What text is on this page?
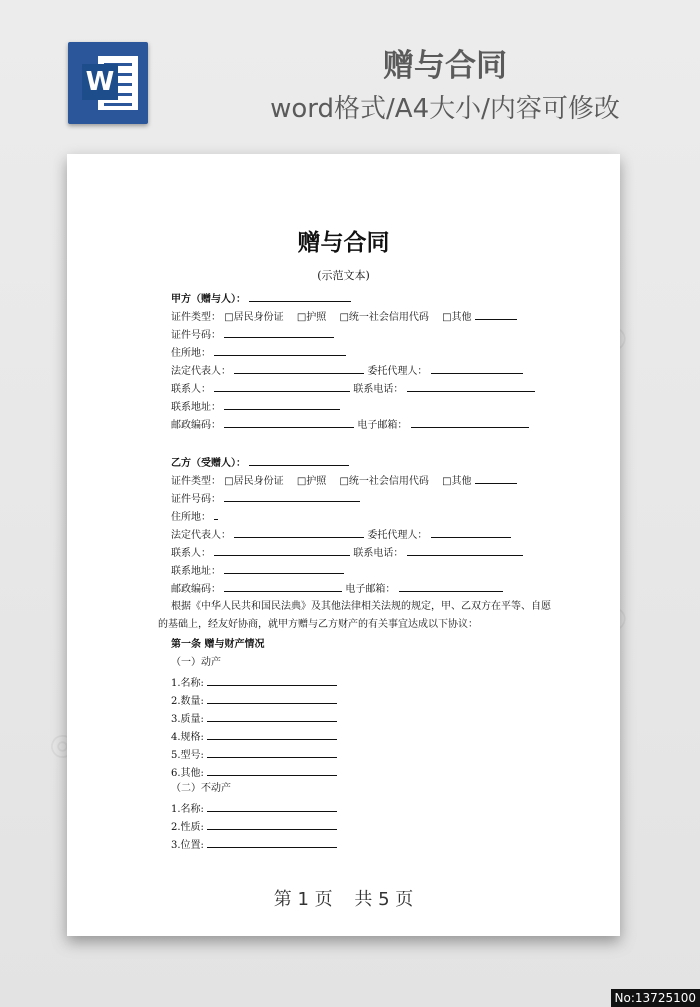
W	赠与合同
word格式/A4大小/内容可修改
◎
赠与合同
(示范文本)
甲方（赠与人）：
证件类型： □居民身份证 □护照 □统一社会信用代码 □其他
证件号码：
住所地：
法定代表人：	委托代理人：
联系人：	联系电话：
联系地址：
邮政编码：	电子邮箱：
乙方（受赠人）：
证件类型： □居民身份证 □护照 □统一社会信用代码 □其他
证件号码：
住所地：
法定代表人：	委托代理人：
联系人：	联系电话：
联系地址：
邮政编码：	电子邮箱：
根据《中华人民共和国民法典》及其他法律相关法规的规定，甲、乙双方在平等、自愿
的基础上，经友好协商，就甲方赠与乙方财产的有关事宜达成以下协议：
第一条 赠与财产情况
（一）动产
1.名称:
2.数量:
3.质量:
4.规格:
5.型号:
6.其他:
（二）不动产
1.名称:
2.性质:
3.位置:
第 1 页 共 5 页
No:13725100
